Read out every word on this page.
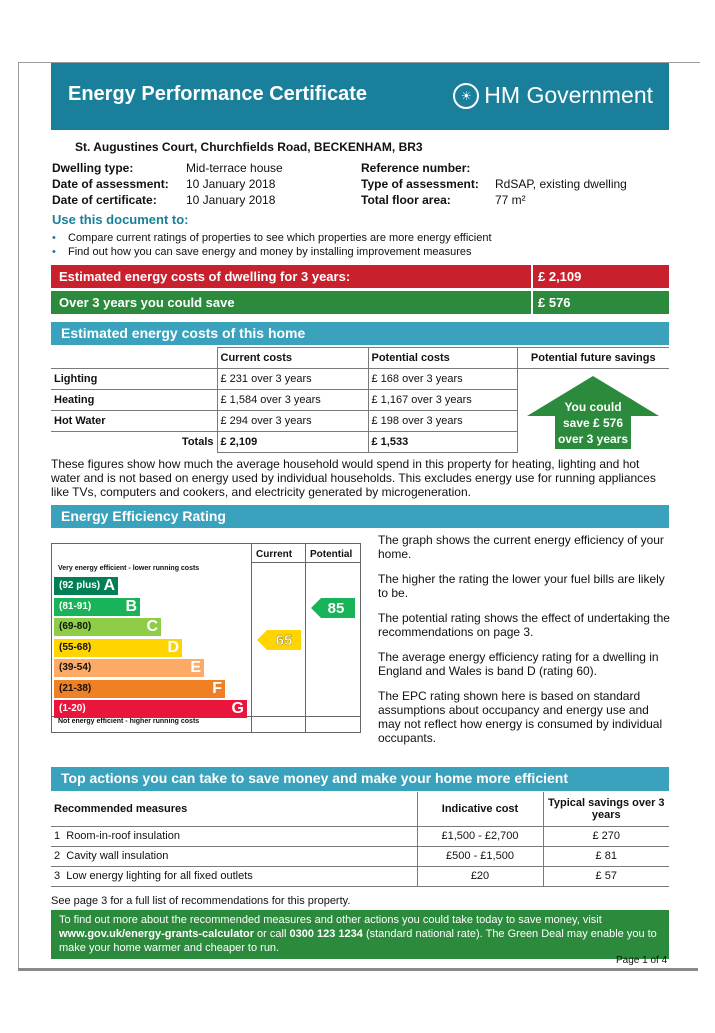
Energy Performance Certificate	☀ HM Government
St. Augustines Court, Churchfields Road, BECKENHAM, BR3
Dwelling type:	Mid-terrace house
Date of assessment: 10 January 2018
Date of certificate: 10 January 2018
Reference number:
Type of assessment: RdSAP, existing dwelling
Total floor area:	77 m²
Use this document to:
• Compare current ratings of properties to see which properties are more energy efficient
• Find out how you can save energy and money by installing improvement measures
Estimated energy costs of dwelling for 3 years:	£ 2,109
Over 3 years you could save	£ 576
Estimated energy costs of this home
	Current costs	Potential costs	Potential future savings
Lighting	£ 231 over 3 years	£ 168 over 3 years	
Heating	£ 1,584 over 3 years	£ 1,167 over 3 years	
Hot Water	£ 294 over 3 years	£ 198 over 3 years	
Totals	£ 2,109	£ 1,533	
You could
save £ 576
over 3 years
These figures show how much the average household would spend in this property for heating, lighting and hot water and is not based on energy used by individual households. This excludes energy use for running appliances like TVs, computers and cookers, and electricity generated by microgeneration.
Energy Efficiency Rating
Current Potential
Very energy efficient - lower running costs
Not energy efficient - higher running costs
(92 plus) A
(81-91) B
(69-80)	C
(55-68)	D
(39-54)	E
(21-38)	F
(1-20)	G
65
85

The graph shows the current energy efficiency of your home.

The higher the rating the lower your fuel bills are likely to be.

The potential rating shows the effect of undertaking the recommendations on page 3.

The average energy efficiency rating for a dwelling in England and Wales is band D (rating 60).

The EPC rating shown here is based on standard assumptions about occupancy and energy use and may not reflect how energy is consumed by individual occupants.

Top actions you can take to save money and make your home more efficient
Recommended measures	Indicative cost	Typical savings over 3 years
1 Room-in-roof insulation	£1,500 - £2,700	£ 270
2 Cavity wall insulation	£500 - £1,500	£ 81
3 Low energy lighting for all fixed outlets	£20	£ 57
See page 3 for a full list of recommendations for this property.
To find out more about the recommended measures and other actions you could take today to save money, visit
www.gov.uk/energy-grants-calculator or call 0300 123 1234 (standard national rate). The Green Deal may enable you to
make your home warmer and cheaper to run.
Page 1 of 4
